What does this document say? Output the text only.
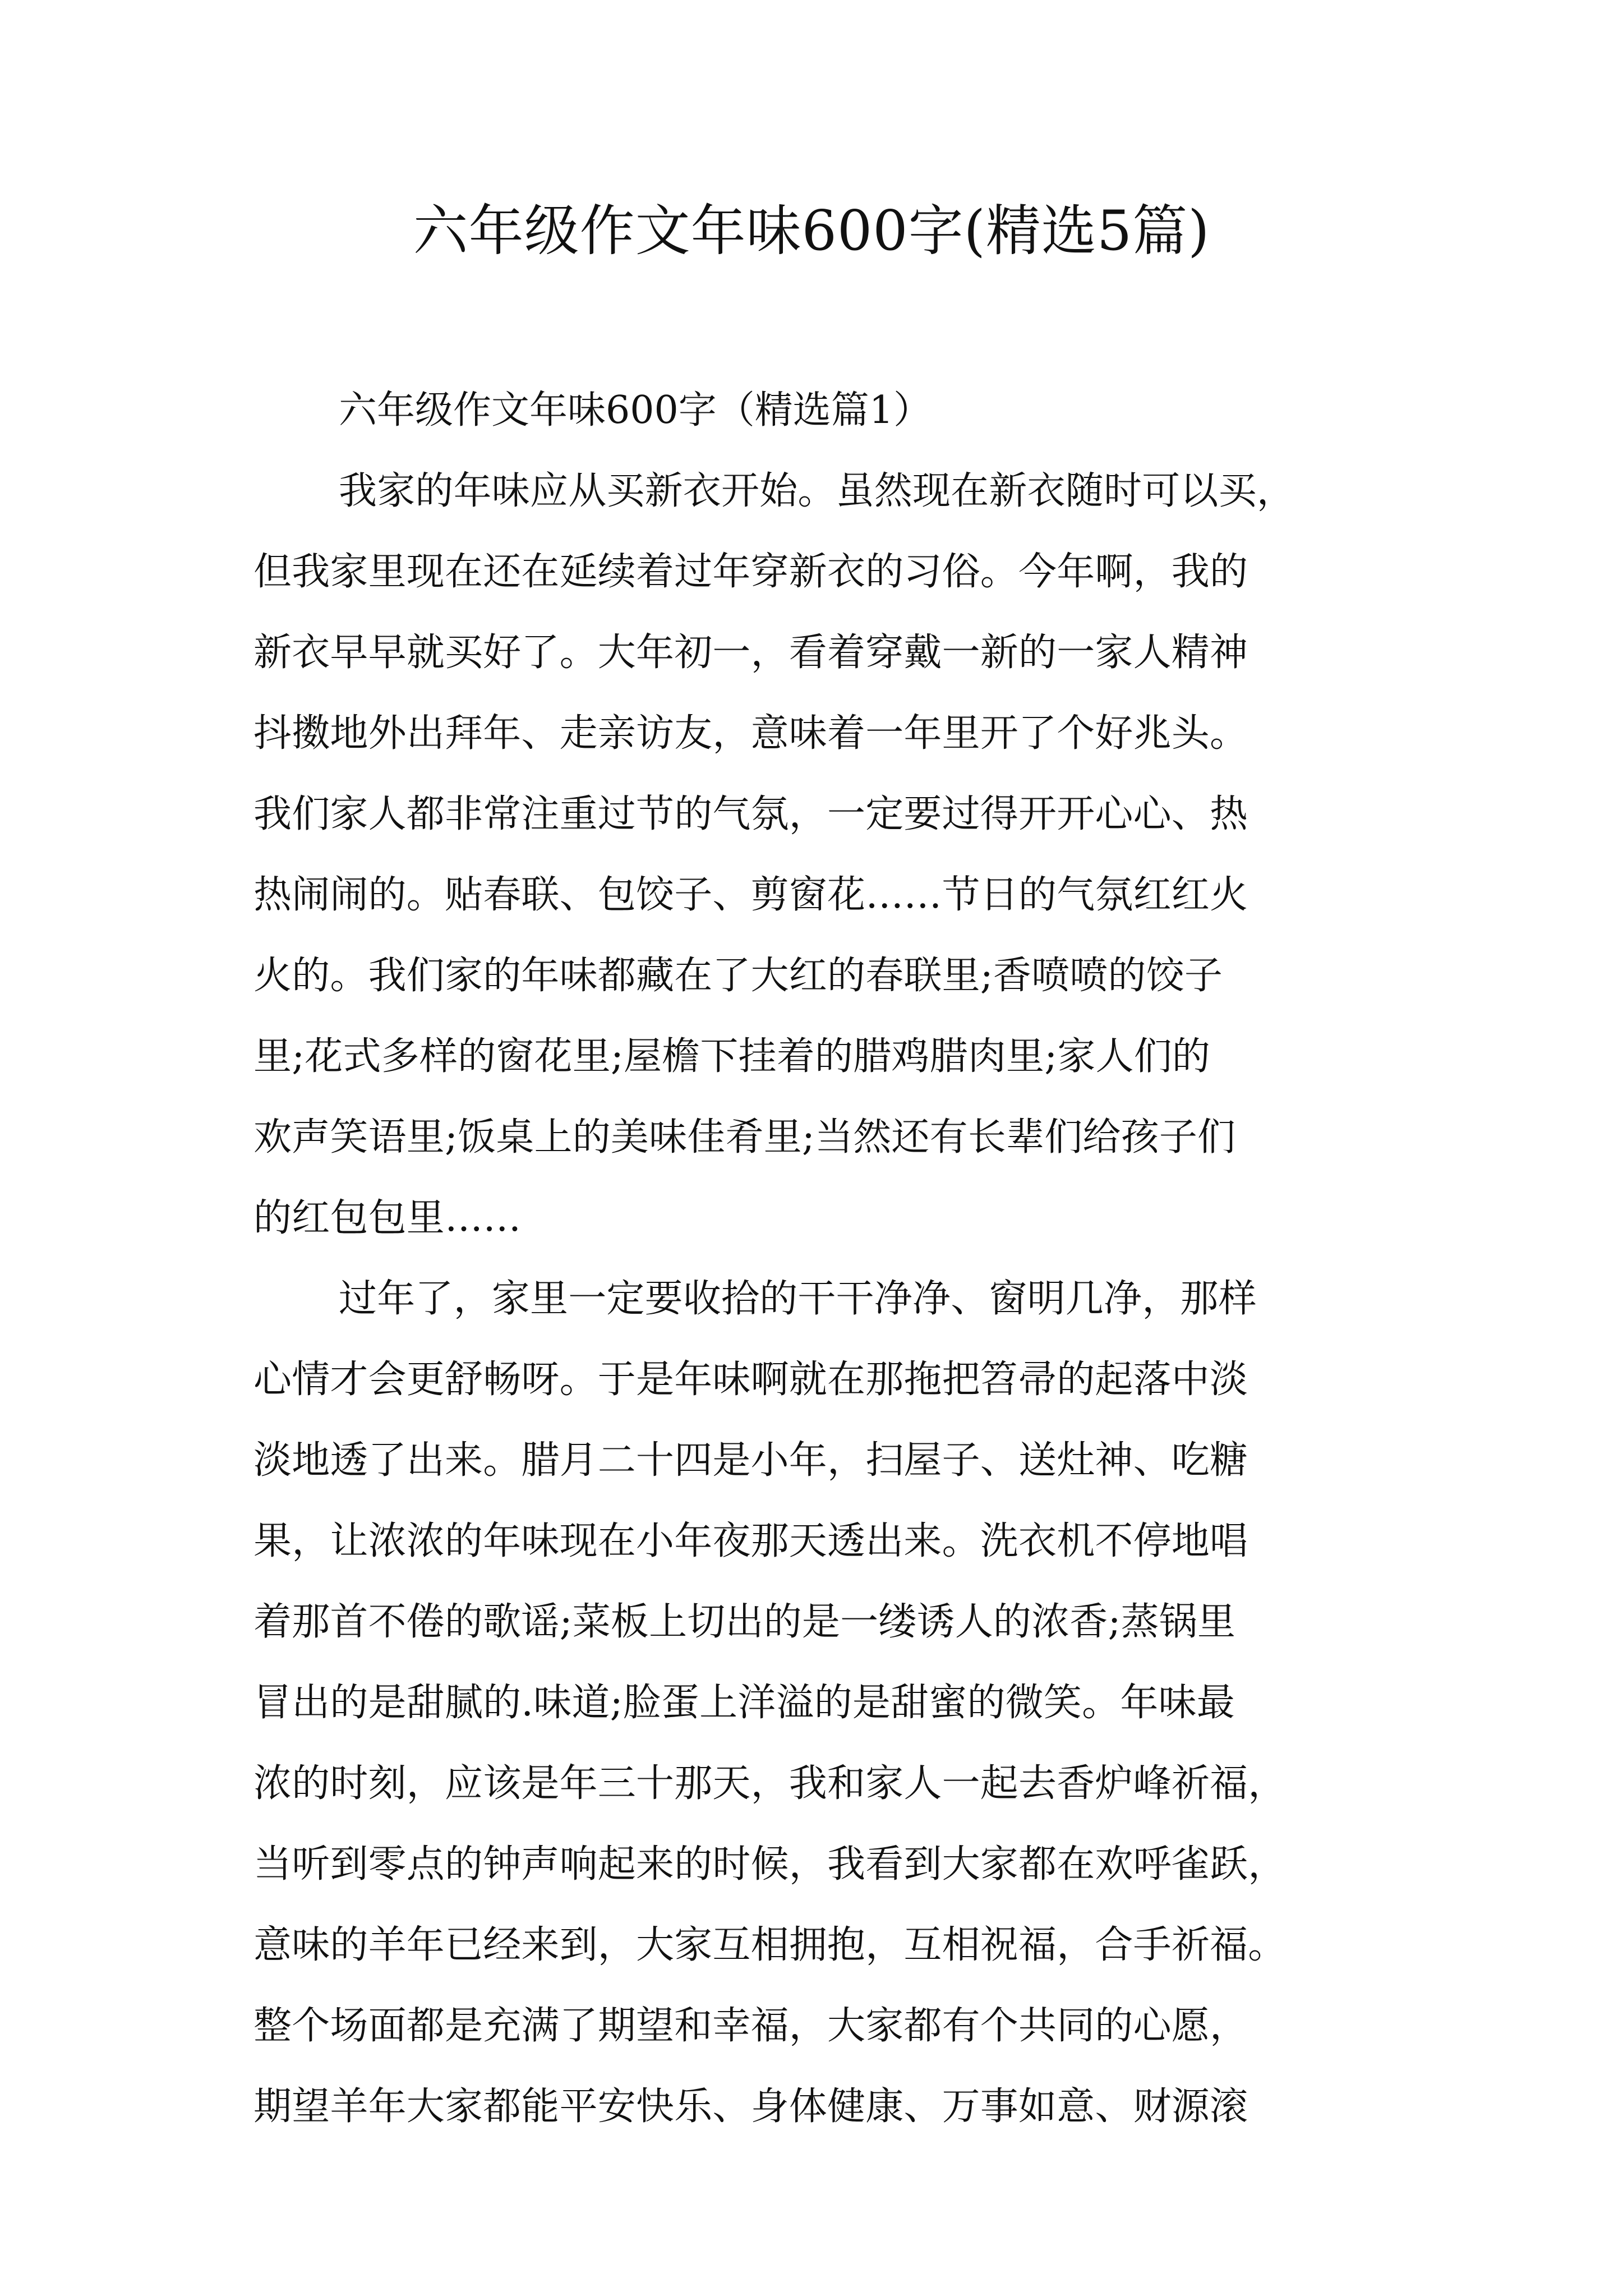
六年级作文年味600字(精选5篇)

六年级作文年味600字（精选篇1）

我家的年味应从买新衣开始。虽然现在新衣随时可以买，
但我家里现在还在延续着过年穿新衣的习俗。今年啊，我的
新衣早早就买好了。大年初一，看着穿戴一新的一家人精神
抖擞地外出拜年、走亲访友，意味着一年里开了个好兆头。
我们家人都非常注重过节的气氛，一定要过得开开心心、热
热闹闹的。贴春联、包饺子、剪窗花……节日的气氛红红火
火的。我们家的年味都藏在了大红的春联里;香喷喷的饺子
里;花式多样的窗花里;屋檐下挂着的腊鸡腊肉里;家人们的
欢声笑语里;饭桌上的美味佳肴里;当然还有长辈们给孩子们
的红包包里……
过年了，家里一定要收拾的干干净净、窗明几净，那样
心情才会更舒畅呀。于是年味啊就在那拖把笤帚的起落中淡
淡地透了出来。腊月二十四是小年，扫屋子、送灶神、吃糖
果，让浓浓的年味现在小年夜那天透出来。洗衣机不停地唱
着那首不倦的歌谣;菜板上切出的是一缕诱人的浓香;蒸锅里
冒出的是甜腻的.味道;脸蛋上洋溢的是甜蜜的微笑。年味最
浓的时刻，应该是年三十那天，我和家人一起去香炉峰祈福，
当听到零点的钟声响起来的时候，我看到大家都在欢呼雀跃，
意味的羊年已经来到，大家互相拥抱，互相祝福，合手祈福。
整个场面都是充满了期望和幸福，大家都有个共同的心愿，
期望羊年大家都能平安快乐、身体健康、万事如意、财源滚
